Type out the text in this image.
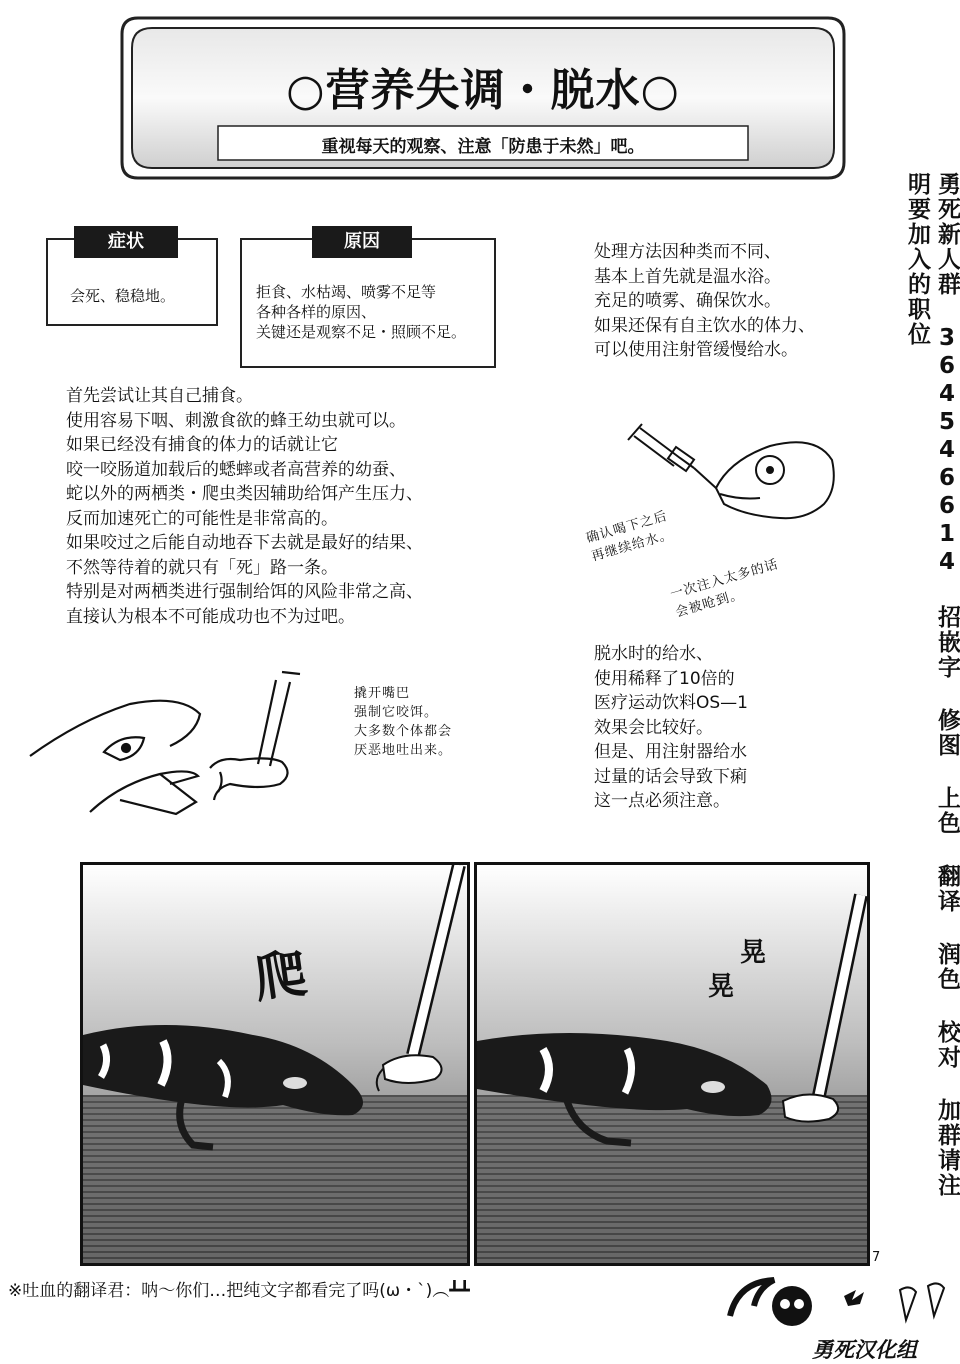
○营养失调・脱水○
重视每天的观察、注意「防患于未然」吧。
症状
会死、稳稳地。
原因
拒食、水枯竭、喷雾不足等
各种各样的原因、
关键还是观察不足・照顾不足。
处理方法因种类而不同、
基本上首先就是温水浴。
充足的喷雾、确保饮水。
如果还保有自主饮水的体力、
可以使用注射管缓慢给水。
首先尝试让其自己捕食。
使用容易下咽、刺激食欲的蜂王幼虫就可以。
如果已经没有捕食的体力的话就让它
咬一咬肠道加载后的蟋蟀或者高营养的幼蚕、
蛇以外的两栖类・爬虫类因辅助给饵产生压力、
反而加速死亡的可能性是非常高的。
如果咬过之后能自动地吞下去就是最好的结果、
不然等待着的就只有「死」路一条。
特别是对两栖类进行强制给饵的风险非常之高、
直接认为根本不可能成功也不为过吧。
确认喝下之后
再继续给水。
一次注入太多的话
会被呛到。
脱水时的给水、
使用稀释了10倍的
医疗运动饮料OS—1
效果会比较好。
但是、用注射器给水
过量的话会导致下痢
这一点必须注意。
撬开嘴巴
强制它咬饵。
大多数个体都会
厌恶地吐出来。	勇死新人群 364546614 招嵌字 修图 上色 翻译 润色 校对 加群请注明要加入的职位
爬	晃
晃
7
※吐血的翻译君：呐～你们…把纯文字都看完了吗(ω・`)︵┻┻
勇死汉化组
